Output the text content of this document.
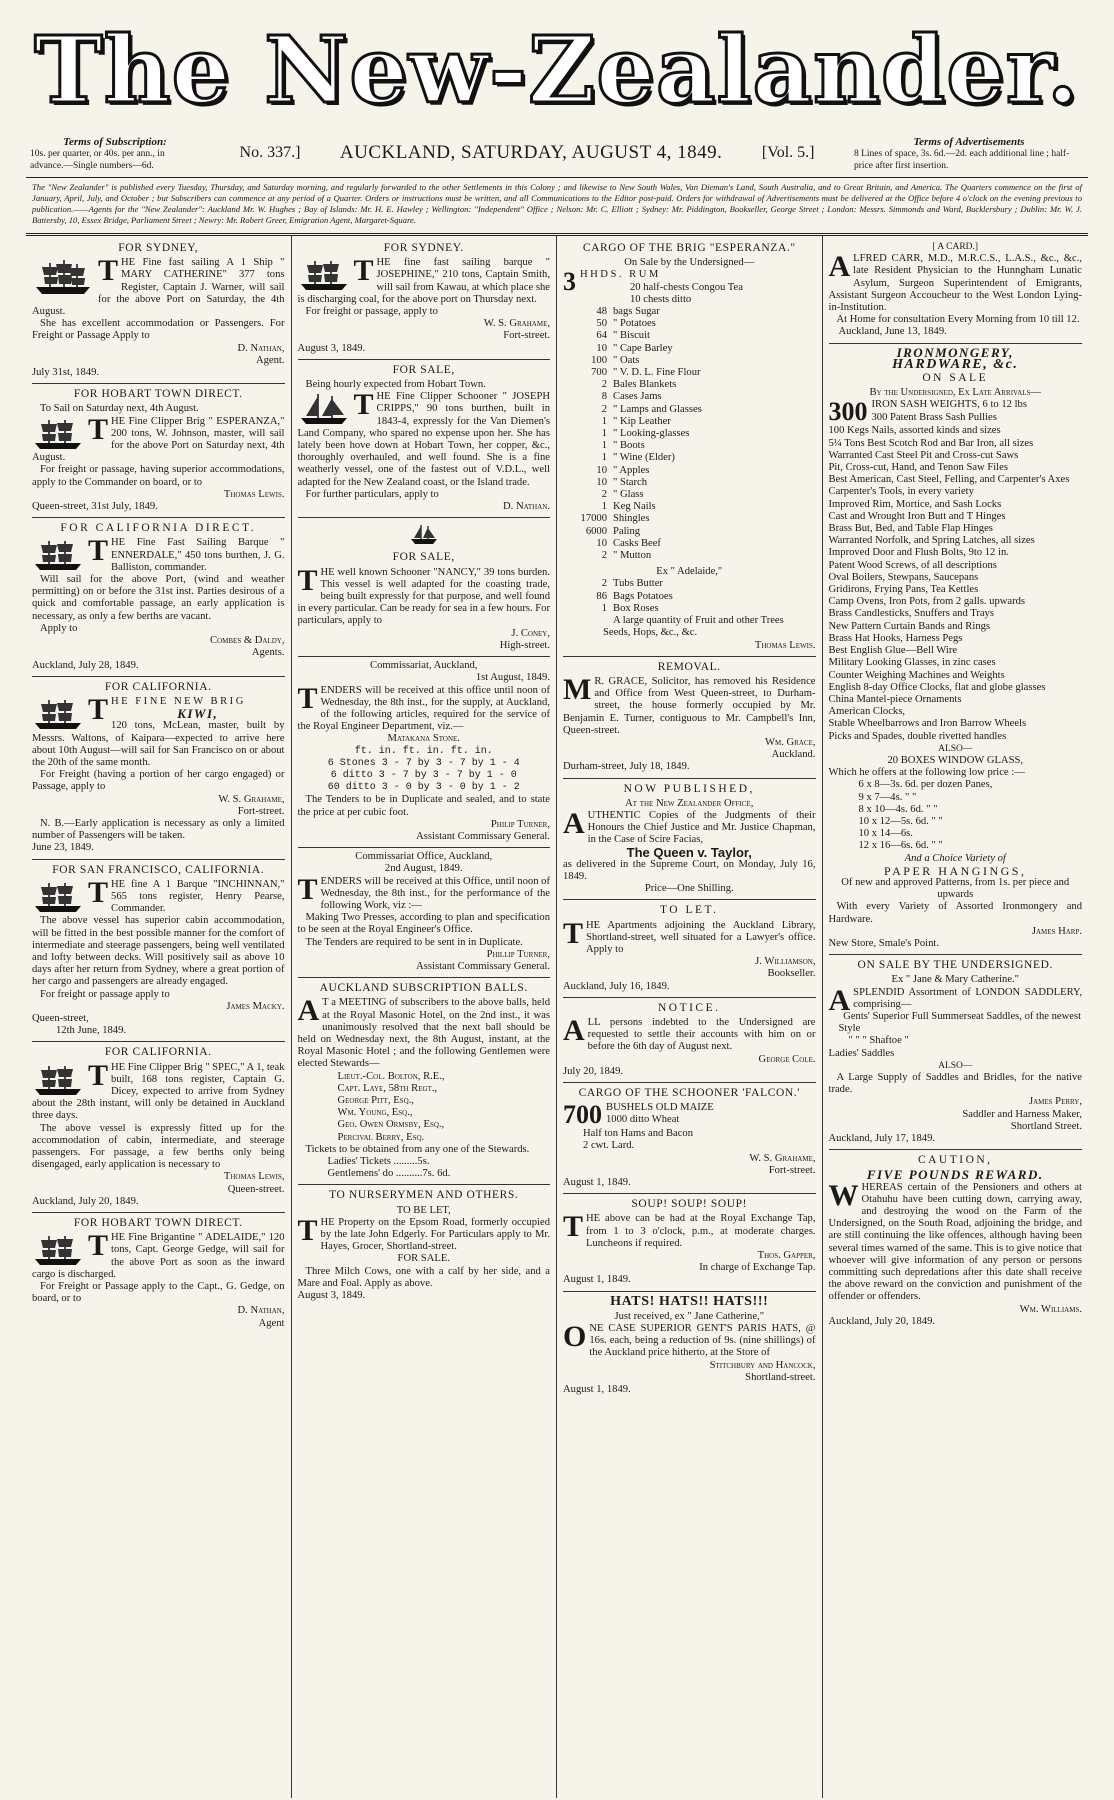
The New-Zealander.
Terms of Subscription:
10s. per quarter, or 40s. per ann., in advance.—Single numbers—6d.
No. 337.] AUCKLAND, SATURDAY, AUGUST 4, 1849. [Vol. 5.]
Terms of Advertisements
8 Lines of space, 3s. 6d.—2d. each additional line ; half-price after first insertion.
The "New Zealander" is published every Tuesday, Thursday, and Saturday morning, and regularly forwarded to the other Settlements in this Colony ; and likewise to New South Wales, Van Dieman's Land, South Australia, and to Great Britain, and America. The Quarters commence on the first of January, April, July, and October ; but Subscribers can commence at any period of a Quarter. Orders or instructions must be written, and all Communications to the Editor post-paid. Orders for withdrawal of Advertisements must be delivered at the Office before 4 o'clock on the evening previous to publication.——Agents for the "New Zealander": Auckland Mr. W. Hughes ; Bay of Islands: Mr. H. E. Hawley ; Wellington: "Independent" Office ; Nelson: Mr. C. Elliott ; Sydney: Mr. Piddington, Bookseller, George Street ; London: Messrs. Simmonds and Ward, Bucklersbury ; Dublin: Mr. W. J. Battersby, 10, Essex Bridge, Parliament Street ; Newry: Mr. Robert Greer, Emigration Agent, Margaret-Square.
FOR SYDNEY,

THE Fine fast sailing A 1 Ship " MARY CATHERINE" 377 tons Register, Captain J. Warner, will sail for the above Port on Saturday, the 4th August.

She has excellent accommodation or Passengers. For Freight or Passage Apply to

D. Nathan,
Agent.
July 31st, 1849.
FOR HOBART TOWN DIRECT.

To Sail on Saturday next, 4th August.

THE Fine Clipper Brig " ESPERANZA," 200 tons, W. Johnson, master, will sail for the above Port on Saturday next, 4th August.

For freight or passage, having superior accommodations, apply to the Commander on board, or to

Thomas Lewis.
Queen-street, 31st July, 1849.
FOR CALIFORNIA DIRECT.

THE Fine Fast Sailing Barque " ENNERDALE," 450 tons burthen, J. G. Balliston, commander.

Will sail for the above Port, (wind and weather permitting) on or before the 31st inst. Parties desirous of a quick and comfortable passage, an early application is necessary, as only a few berths are vacant.

Apply to

Combes & Daldy,
Agents.
Auckland, July 28, 1849.
FOR CALIFORNIA.

THE FINE NEW BRIG

KIWI,

120 tons, McLean, master, built by Messrs. Waltons, of Kaipara—expected to arrive here about 10th August—will sail for San Francisco on or about the 20th of the same month.

For Freight (having a portion of her cargo engaged) or Passage, apply to

W. S. Grahame,
Fort-street.

N. B.—Early application is necessary as only a limited number of Passengers will be taken.

June 23, 1849.
FOR SAN FRANCISCO, CALIFORNIA.

THE fine A 1 Barque "INCHINNAN," 565 tons register, Henry Pearse, Commander.

The above vessel has superior cabin accommodation, will be fitted in the best possible manner for the comfort of intermediate and steerage passengers, being well ventilated and lofty between decks. Will positively sail as above 10 days after her return from Sydney, where a great portion of her cargo and passengers are already engaged.

For freight or passage apply to

James Macky.
Queen-street,
12th June, 1849.
FOR CALIFORNIA.

THE Fine Clipper Brig " SPEC," A 1, teak built, 168 tons register, Captain G. Dicey, expected to arrive from Sydney about the 28th instant, will only be detained in Auckland three days.

The above vessel is expressly fitted up for the accommodation of cabin, intermediate, and steerage passengers. For passage, a few berths only being disengaged, early application is necessary to

Thomas Lewis,
Queen-street.
Auckland, July 20, 1849.
FOR HOBART TOWN DIRECT.

THE Fine Brigantine " ADELAIDE," 120 tons, Capt. George Gedge, will sail for the above Port as soon as the inward cargo is discharged.

For Freight or Passage apply to the Capt., G. Gedge, on board, or to

D. Nathan,
Agent
FOR SYDNEY.

THE fine fast sailing barque " JOSEPHINE," 210 tons, Captain Smith, will sail from Kawau, at which place she is discharging coal, for the above port on Thursday next.

For freight or passage, apply to

W. S. Grahame,
Fort-street.
August 3, 1849.
FOR SALE,

Being hourly expected from Hobart Town.

THE Fine Clipper Schooner " JOSEPH CRIPPS," 90 tons burthen, built in 1843-4, expressly for the Van Diemen's Land Company, who spared no expense upon her. She has lately been hove down at Hobart Town, her copper, &c., thoroughly overhauled, and well found. She is a fine weatherly vessel, one of the fastest out of V.D.L., well adapted for the New Zealand coast, or the Island trade.

For further particulars, apply to

D. Nathan.
FOR SALE,

THE well known Schooner "NANCY," 39 tons burden. This vessel is well adapted for the coasting trade, being built expressly for that purpose, and well found in every particular. Can be ready for sea in a few hours. For particulars, apply to

J. Coney,
High-street.
Commissariat, Auckland,
1st August, 1849.

TENDERS will be received at this office until noon of Wednesday, the 8th inst., for the supply, at Auckland, of the following articles, required for the service of the Royal Engineer Department, viz.—

Matakana Stone.
ft. in. ft. in. ft. in.
6 Stones 3 - 7 by 3 - 7 by 1 - 4
6 ditto 3 - 7 by 3 - 7 by 1 - 0
60 ditto 3 - 0 by 3 - 0 by 1 - 2

The Tenders to be in Duplicate and sealed, and to state the price at per cubic foot.

Philip Turner,
Assistant Commissary General.
Commissariat Office, Auckland,
2nd August, 1849.

TENDERS will be received at this Office, until noon of Wednesday, the 8th inst., for the performance of the following Work, viz :—

Making Two Presses, according to plan and specification to be seen at the Royal Engineer's Office.

The Tenders are required to be sent in in Duplicate.

Phillip Turner,
Assistant Commissary General.
AUCKLAND SUBSCRIPTION BALLS.

A T a MEETING of subscribers to the above balls, held at the Royal Masonic Hotel, on the 2nd inst., it was unanimously resolved that the next ball should be held on Wednesday next, the 8th August, instant, at the Royal Masonic Hotel ; and the following Gentlemen were elected Stewards—

Lieut.-Col. Bolton, R.E.,
Capt. Laye, 58th Regt.,
George Pitt, Esq.,
Wm. Young, Esq.,
Geo. Owen Ormsby, Esq.,
Percival Berry, Esq.

Tickets to be obtained from any one of the Stewards.

Ladies' Tickets .........5s.
Gentlemens' do ..........7s. 6d.
TO NURSERYMEN AND OTHERS.
TO BE LET,

THE Property on the Epsom Road, formerly occupied by the late John Edgerly. For Particulars apply to Mr. Hayes, Grocer, Shortland-street.

FOR SALE.

Three Milch Cows, one with a calf by her side, and a Mare and Foal. Apply as above.

August 3, 1849.
CARGO OF THE BRIG "ESPERANZA."
On Sale by the Undersigned—
3 HHDS. RUM
20 half-chests Congou Tea
10 chests ditto
48 bags Sugar
50 " Potatoes
64 " Biscuit
10 " Cape Barley
100 " Oats
700 " V. D. L. Fine Flour
2 Bales Blankets
8 Cases Jams
2 " Lamps and Glasses
1 " Kip Leather
1 " Looking-glasses
1 " Boots
1 " Wine (Elder)
10 " Apples
10 " Starch
2 " Glass
1 Keg Nails
17000 Shingles
6000 Paling
10 Casks Beef
2 " Mutton
Ex " Adelaide,"
2 Tubs Butter
86 Bags Potatoes
1 Box Roses
A large quantity of Fruit and other Trees
Seeds, Hops, &c., &c.
Thomas Lewis.
REMOVAL.

M R. GRACE, Solicitor, has removed his Residence and Office from West Queen-street, to Durham-street, the house formerly occupied by Mr. Benjamin E. Turner, contiguous to Mr. Campbell's Inn, Queen-street.

Wm. Grace,
Auckland.
Durham-street, July 18, 1849.
NOW PUBLISHED,
At the New Zealander Office,

AUTHENTIC Copies of the Judgments of their Honours the Chief Justice and Mr. Justice Chapman, in the Case of Scire Facias,

The Queen v. Taylor,

as delivered in the Supreme Court, on Monday, July 16, 1849.

Price—One Shilling.
TO LET.

THE Apartments adjoining the Auckland Library, Shortland-street, well situated for a Lawyer's office. Apply to

J. Williamson,
Bookseller.
Auckland, July 16, 1849.
NOTICE.

ALL persons indebted to the Undersigned are requested to settle their accounts with him on or before the 6th day of August next.

George Cole.
July 20, 1849.
CARGO OF THE SCHOONER 'FALCON.'
700 BUSHELS OLD MAIZE
1000 ditto Wheat
Half ton Hams and Bacon
2 cwt. Lard.
W. S. Grahame,
Fort-street.
August 1, 1849.
SOUP! SOUP! SOUP!

THE above can be had at the Royal Exchange Tap, from 1 to 3 o'clock, p.m., at moderate charges. Luncheons if required.

Thos. Gapper,
In charge of Exchange Tap.
August 1, 1849.
HATS! HATS!! HATS!!!
Just received, ex " Jane Catherine,"

ONE CASE SUPERIOR GENT'S PARIS HATS, @ 16s. each, being a reduction of 9s. (nine shillings) of the Auckland price hitherto, at the Store of

Stitchbury and Hancock,
Shortland-street.
August 1, 1849.
[ A CARD.]

ALFRED CARR, M.D., M.R.C.S., L.A.S., &c., &c., late Resident Physician to the Hunngham Lunatic Asylum, Surgeon Superintendent of Emigrants, Assistant Surgeon Accoucheur to the West London Lying-in-Institution.

At Home for consultation Every Morning from 10 till 12.

Auckland, June 13, 1849.
IRONMONGERY,
HARDWARE, &c.
ON SALE
By the Undersigned, Ex Late Arrivals—
300 IRON SASH WEIGHTS, 6 to 12 lbs
300 Patent Brass Sash Pullies
100 Kegs Nails, assorted kinds and sizes
5¼ Tons Best Scotch Rod and Bar Iron, all sizes
Warranted Cast Steel Pit and Cross-cut Saws
Pit, Cross-cut, Hand, and Tenon Saw Files
Best American, Cast Steel, Felling, and Carpenter's Axes
Carpenter's Tools, in every variety
Improved Rim, Mortice, and Sash Locks
Cast and Wrought Iron Butt and T Hinges
Brass But, Bed, and Table Flap Hinges
Warranted Norfolk, and Spring Latches, all sizes
Improved Door and Flush Bolts, 9to 12 in.
Patent Wood Screws, of all descriptions
Oval Boilers, Stewpans, Saucepans
Gridirons, Frying Pans, Tea Kettles
Camp Ovens, Iron Pots, from 2 galls. upwards
Brass Candlesticks, Snuffers and Trays
New Pattern Curtain Bands and Rings
Brass Hat Hooks, Harness Pegs
Best English Glue—Bell Wire
Military Looking Glasses, in zinc cases
Counter Weighing Machines and Weights
English 8-day Office Clocks, flat and globe glasses
China Mantel-piece Ornaments
American Clocks,
Stable Wheelbarrows and Iron Barrow Wheels
Picks and Spades, double rivetted handles
ALSO—
20 BOXES WINDOW GLASS,
Which he offers at the following low price :—
6 x 8—3s. 6d. per dozen Panes,
9 x 7—4s. " "
8 x 10—4s. 6d. " "
10 x 12—5s. 6d. " "
10 x 14—6s.
12 x 16—6s. 6d. " "
And a Choice Variety of
PAPER HANGINGS,
Of new and approved Patterns, from 1s. per piece and upwards

With every Variety of Assorted Ironmongery and Hardware.

James Harp.
New Store, Smale's Point.
ON SALE BY THE UNDERSIGNED.
Ex " Jane & Mary Catherine."

ASPLENDID Assortment of LONDON SADDLERY, comprising—

Gents' Superior Full Summerseat Saddles, of the newest Style
" " " Shaftoe "
Ladies' Saddles
ALSO—

A Large Supply of Saddles and Bridles, for the native trade.

James Perry,
Saddler and Harness Maker,
Shortland Street.
Auckland, July 17, 1849.
CAUTION,
FIVE POUNDS REWARD.

WHEREAS certain of the Pensioners and others at Otahuhu have been cutting down, carrying away, and destroying the wood on the Farm of the Undersigned, on the South Road, adjoining the bridge, and are still continuing the like offences, although having been several times warned of the same. This is to give notice that whoever will give information of any person or persons committing such depredations after this date shall receive the above reward on the conviction and punishment of the offender or offenders.

Wm. Williams.
Auckland, July 20, 1849.
